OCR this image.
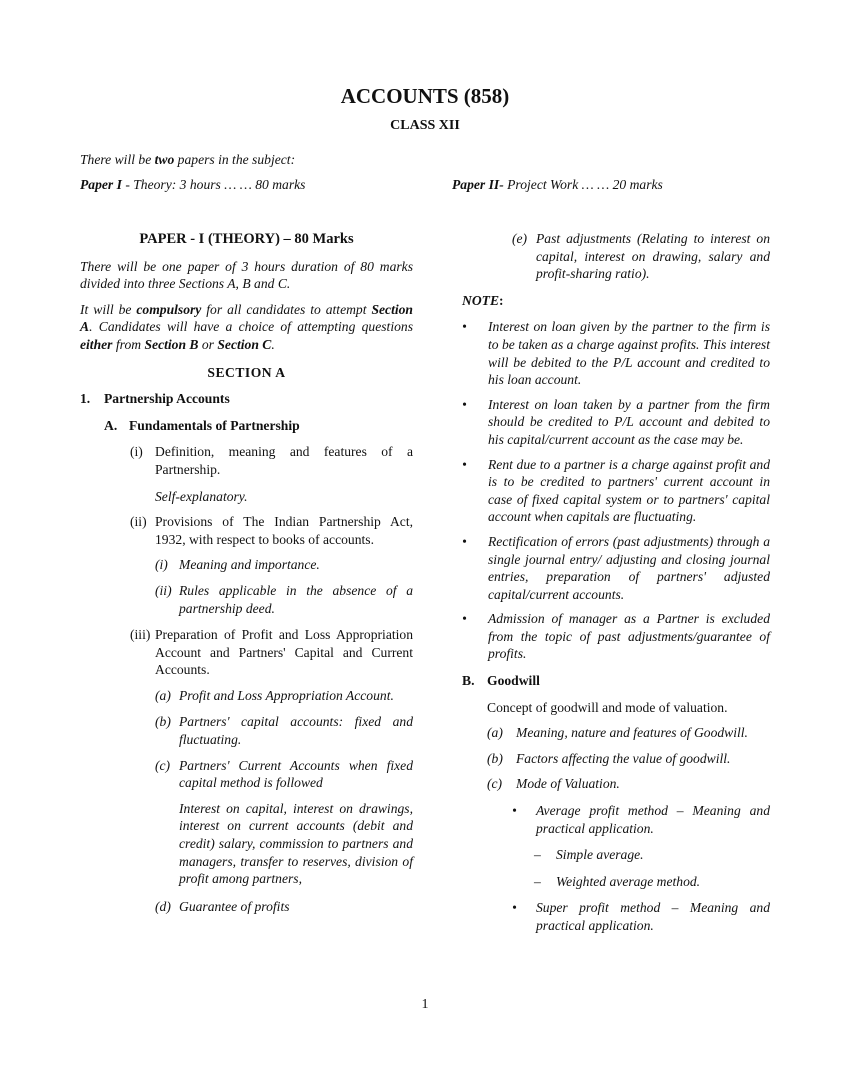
ACCOUNTS (858)
CLASS XII
There will be two papers in the subject:
Paper I - Theory: 3 hours … … 80 marks	Paper II- Project Work … … 20 marks

PAPER - I (THEORY) – 80 Marks

There will be one paper of 3 hours duration of 80 marks divided into three Sections A, B and C.

It will be compulsory for all candidates to attempt Section A. Candidates will have a choice of attempting questions either from Section B or Section C.

SECTION A

1.	Partnership Accounts
A. Fundamentals of Partnership
(i) Definition, meaning and features of a Partnership.

Self-explanatory.

(ii) Provisions of The Indian Partnership Act, 1932, with respect to books of accounts.
(i) Meaning and importance.
(ii) Rules applicable in the absence of a partnership deed.
(iii) Preparation of Profit and Loss Appropriation Account and Partners' Capital and Current Accounts.
(a) Profit and Loss Appropriation Account.
(b) Partners' capital accounts: fixed and fluctuating.
(c) Partners' Current Accounts when fixed capital method is followed

Interest on capital, interest on drawings, interest on current accounts (debit and credit) salary, commission to partners and managers, transfer to reserves, division of profit among partners,

(d) Guarantee of profits
(e) Past adjustments (Relating to interest on capital, interest on drawing, salary and profit-sharing ratio).

NOTE:

•	Interest on loan given by the partner to the firm is to be taken as a charge against profits. This interest will be debited to the P/L account and credited to his loan account.
•	Interest on loan taken by a partner from the firm should be credited to P/L account and debited to his capital/current account as the case may be.
•	Rent due to a partner is a charge against profit and is to be credited to partners' current account in case of fixed capital system or to partners' capital account when capitals are fluctuating.
•	Rectification of errors (past adjustments) through a single journal entry/ adjusting and closing journal entries, preparation of partners' adjusted capital/current accounts.
•	Admission of manager as a Partner is excluded from the topic of past adjustments/guarantee of profits.
B. Goodwill

Concept of goodwill and mode of valuation.

(a) Meaning, nature and features of Goodwill.
(b) Factors affecting the value of goodwill.
(c)	Mode of Valuation.
•	Average profit method – Meaning and practical application.
–	Simple average.
–	Weighted average method.
•	Super profit method – Meaning and practical application.
1
